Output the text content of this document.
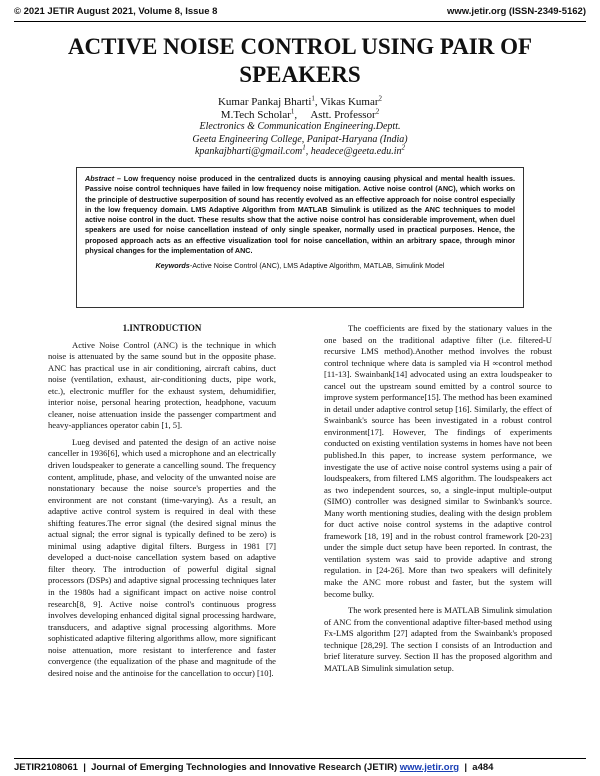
© 2021 JETIR August 2021, Volume 8, Issue 8	www.jetir.org (ISSN-2349-5162)
ACTIVE NOISE CONTROL USING PAIR OF SPEAKERS
Kumar Pankaj Bharti$^1$, Vikas Kumar$^2$
M.Tech Scholar$^1$,     Astt. Professor$^2$
Electronics & Communication Engineering.Deptt.
Geeta Engineering College, Panipat-Haryana (India)
kpankajbharti@gmail.com$^1$, $headece@geeta.edu.in^2$
Abstract – Low frequency noise produced in the centralized ducts is annoying causing physical and mental health issues. Passive noise control techniques have failed in low frequency noise mitigation. Active noise control (ANC), which works on the principle of destructive superposition of sound has recently evolved as an effective approach for noise control especially in the low frequency domain. LMS Adaptive Algorithm from MATLAB Simulink is utilized as the ANC techniques to model active noise control in the duct. These results show that the active noise control has considerable improvement, when duel speakers are used for noise cancellation instead of only single speaker, normally used in practical purposes. Hence, the proposed approach acts as an effective visualization tool for noise cancellation, within an arbitrary space, through minor physical changes for the implementation of ANC.
Keywords-Active Noise Control (ANC), LMS Adaptive Algorithm, MATLAB, Simulink Model

1.INTRODUCTION

Active Noise Control (ANC) is the technique in which noise is attenuated by the same sound but in the opposite phase. ANC has practical use in air conditioning, aircraft cabins, duct noise (ventilation, exhaust, air-conditioning ducts, pipe work, etc.), electronic muffler for the exhaust system, dehumidifier, interior noise, personal hearing protection, headphone, vacuum cleaner, noise attenuation inside the passenger compartment and heavy-appliances operator cabin [1, 5].

Lueg devised and patented the design of an active noise canceller in 1936[6], which used a microphone and an electrically driven loudspeaker to generate a cancelling sound. The frequency content, amplitude, phase, and velocity of the unwanted noise are nonstationary because the noise source's properties and the environment are not constant (time-varying). As a result, an adaptive active control system is required in deal with these shifting features.The error signal (the desired signal minus the actual signal; the error signal is typically defined to be zero) is minimal using adaptive digital filters. Burgess in 1981 [7] developed a duct-noise cancellation system based on adaptive filter theory. The introduction of powerful digital signal processors (DSPs) and adaptive signal processing techniques later in the 1980s had a significant impact on active noise control research[8, 9]. Active noise control's continuous progress involves developing enhanced digital signal processing hardware, transducers, and adaptive signal processing algorithms. More sophisticated adaptive filtering algorithms allow, more significant noise attenuation, more resistant to interference and faster convergence (the equalization of the phase and magnitude of the desired noise and the antinoise for the cancellation to occur) [10].

The coefficients are fixed by the stationary values in the one based on the traditional adaptive filter (i.e. filtered-U recursive LMS method).Another method involves the robust control technique where data is sampled via H ∞control method [11-13]. Swainbank[14] advocated using an extra loudspeaker to cancel out the upstream sound emitted by a control source to improve system performance[15]. The method has been examined in detail under adaptive control setup [16]. Similarly, the effect of Swainbank's source has been investigated in a robust control environment[17]. However, The findings of experiments conducted on existing ventilation systems in homes have not been published.In this paper, to increase system performance, we investigate the use of active noise control systems using a pair of loudspeakers, from filtered LMS algorithm. The loudspeakers act as two independent sources, so, a single-input multiple-output (SIMO) controller was designed similar to Swinbank's source. Many worth mentioning studies, dealing with the design problem for duct active noise control systems in the adaptive control framework [18, 19] and in the robust control framework [20-23] under the simple duct setup have been reported. In contrast, the ventilation system was said to provide adaptive and strong regulation. in [24-26]. More than two speakers will definitely make the ANC more robust and faster, but the system will become bulky.

The work presented here is MATLAB Simulink simulation of ANC from the conventional adaptive filter-based method using Fx-LMS algorithm [27] adapted from the Swainbank's proposed technique [28,29]. The section I consists of an Introduction and brief literature survey. Section II has the proposed algorithm and MATLAB Simulink simulation setup.

JETIR2108061  |  Journal of Emerging Technologies and Innovative Research (JETIR) www.jetir.org  |  a484
